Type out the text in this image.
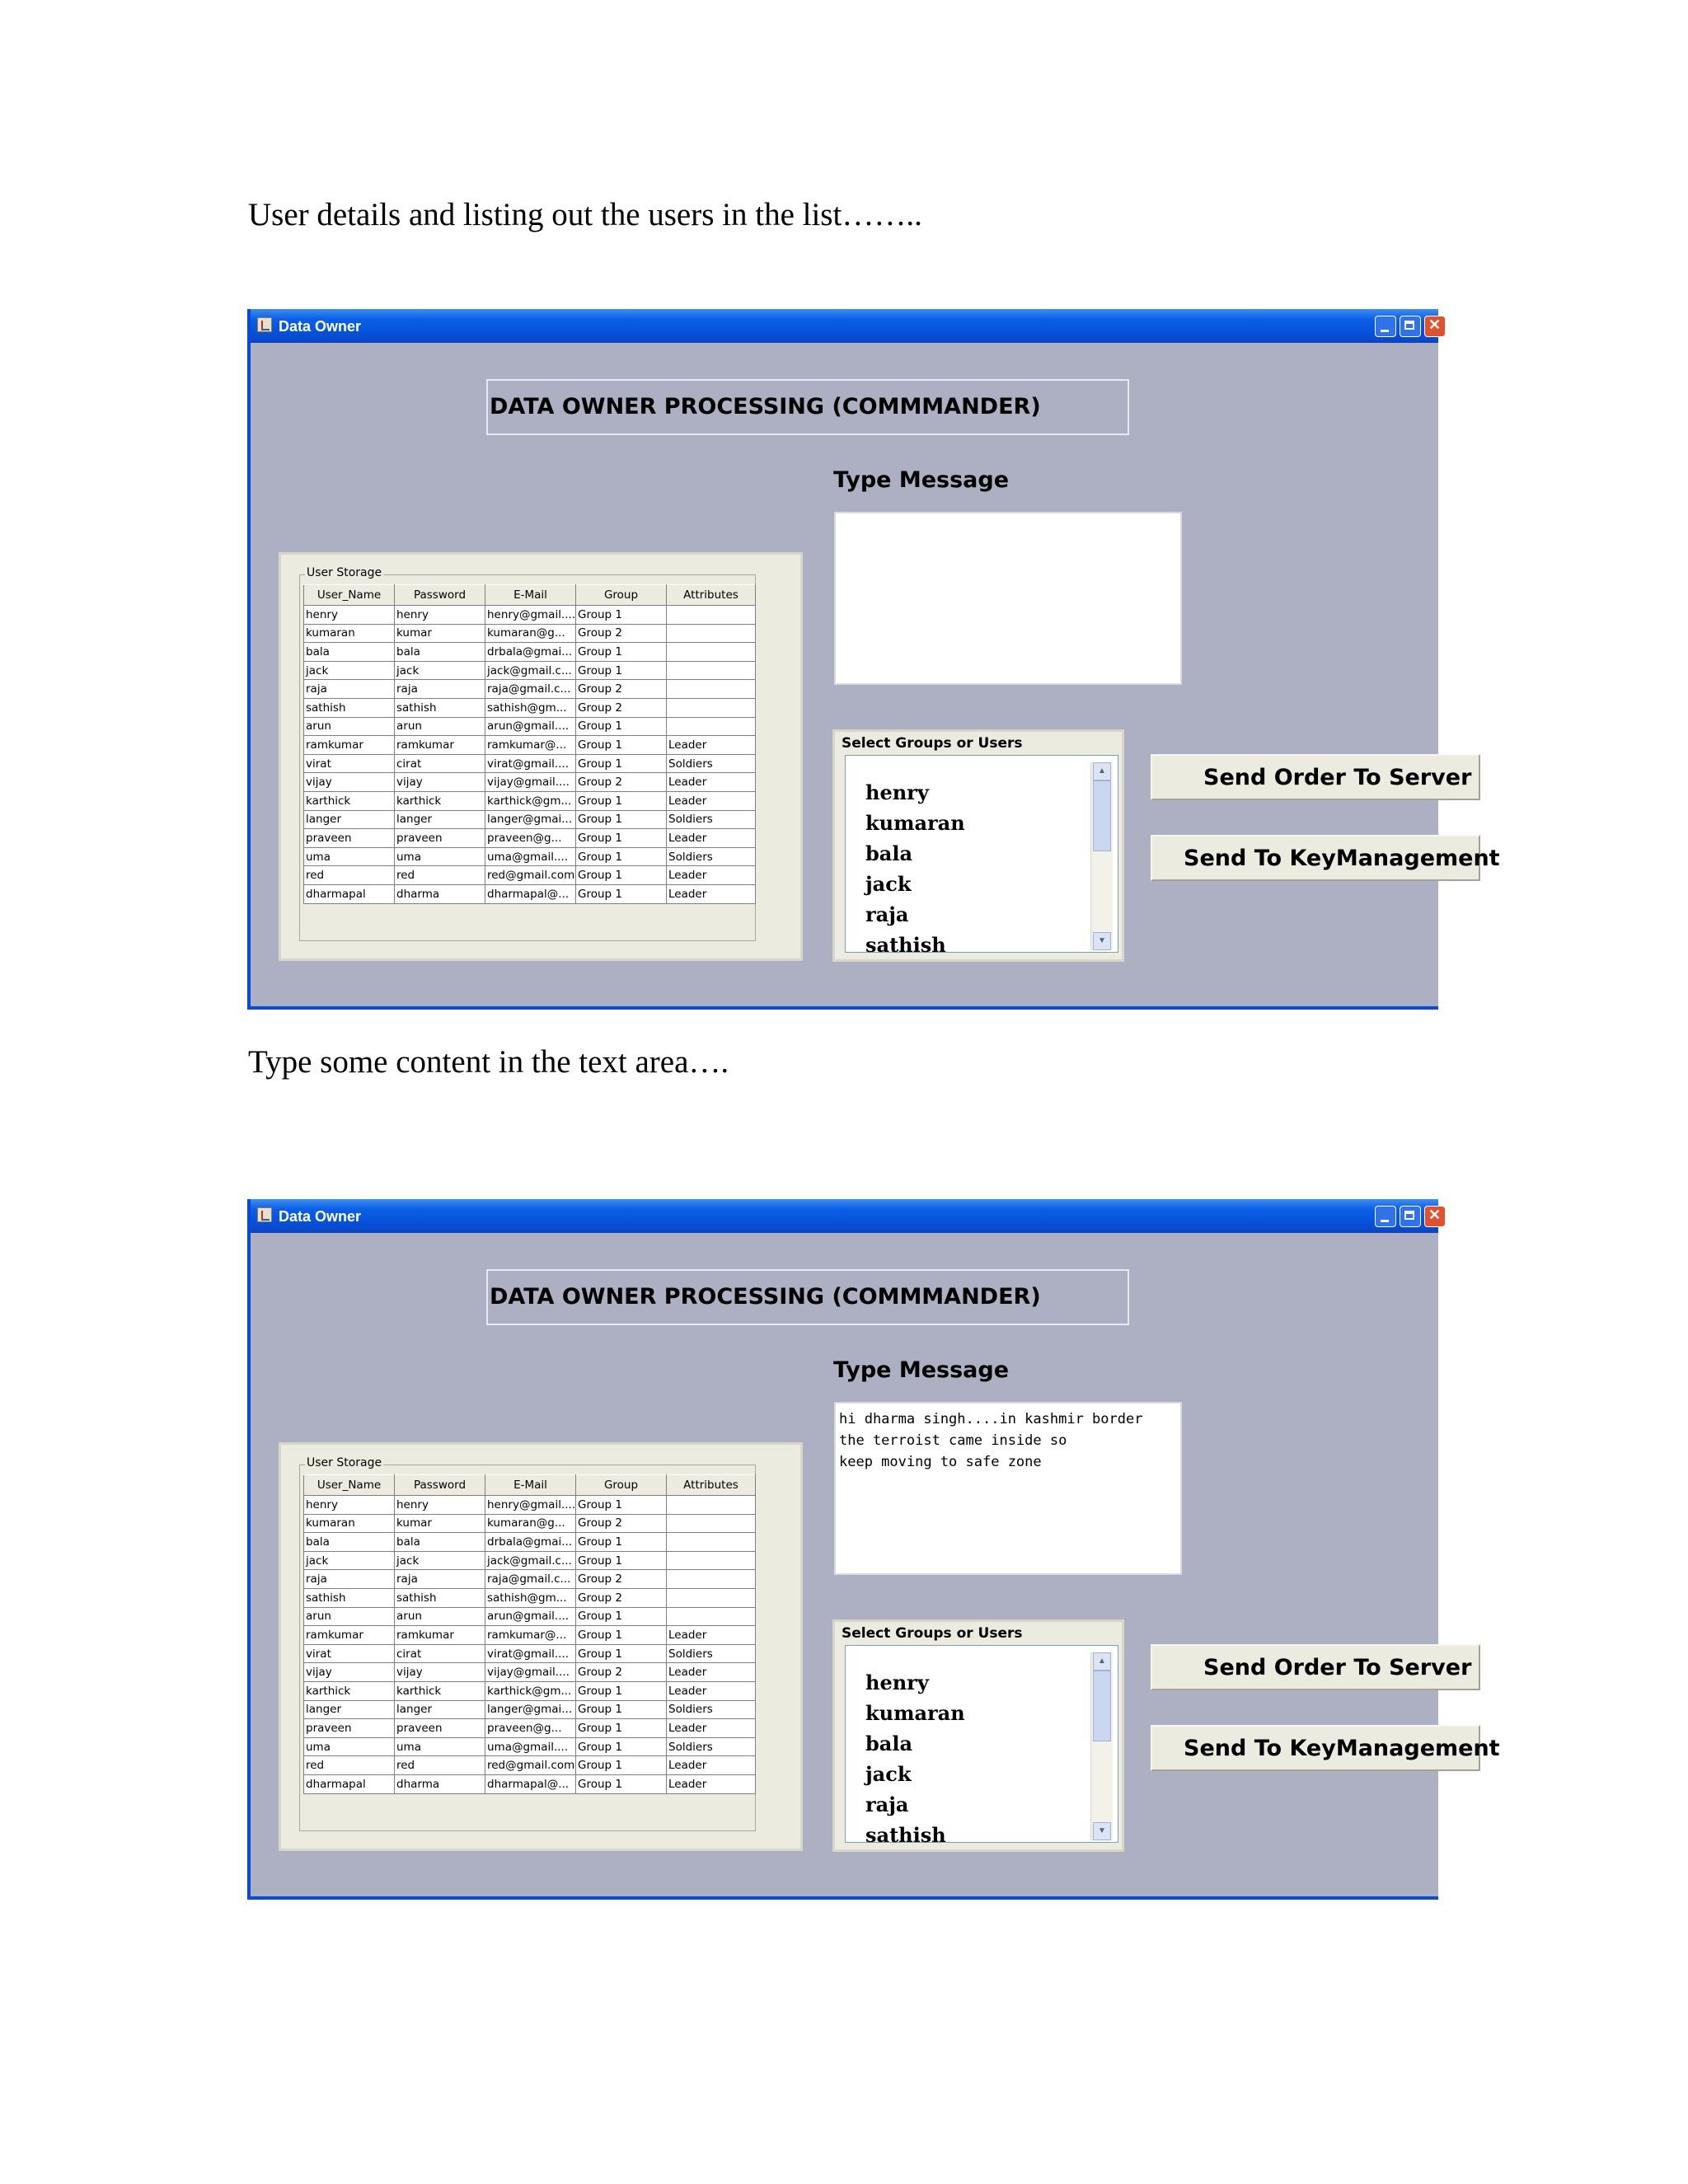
User details and listing out the users in the list……..
Data Owner
✕
DATA OWNER PROCESSING (COMMMANDER)
Type Message
User Storage
User_Name	Password	E-Mail	Group	Attributes
henry	henry	henry@gmail....	Group 1	
kumaran	kumar	kumaran@g...	Group 2	
bala	bala	drbala@gmai...	Group 1	
jack	jack	jack@gmail.c...	Group 1	
raja	raja	raja@gmail.c...	Group 2	
sathish	sathish	sathish@gm...	Group 2	
arun	arun	arun@gmail....	Group 1	
ramkumar	ramkumar	ramkumar@...	Group 1	Leader
virat	cirat	virat@gmail....	Group 1	Soldiers
vijay	vijay	vijay@gmail....	Group 2	Leader
karthick	karthick	karthick@gm...	Group 1	Leader
langer	langer	langer@gmai...	Group 1	Soldiers
praveen	praveen	praveen@g...	Group 1	Leader
uma	uma	uma@gmail....	Group 1	Soldiers
red	red	red@gmail.com	Group 1	Leader
dharmapal	dharma	dharmapal@...	Group 1	Leader
Select Groups or Users
henry
kumaran
bala
jack
raja
sathish
▲
▼
Send Order To Server
Send To KeyManagement
Type some content in the text area….
Data Owner
✕
DATA OWNER PROCESSING (COMMMANDER)
Type Message
hi dharma singh....in kashmir border the terroist came inside so keep moving to safe zone
User Storage
User_Name	Password	E-Mail	Group	Attributes
henry	henry	henry@gmail....	Group 1	
kumaran	kumar	kumaran@g...	Group 2	
bala	bala	drbala@gmai...	Group 1	
jack	jack	jack@gmail.c...	Group 1	
raja	raja	raja@gmail.c...	Group 2	
sathish	sathish	sathish@gm...	Group 2	
arun	arun	arun@gmail....	Group 1	
ramkumar	ramkumar	ramkumar@...	Group 1	Leader
virat	cirat	virat@gmail....	Group 1	Soldiers
vijay	vijay	vijay@gmail....	Group 2	Leader
karthick	karthick	karthick@gm...	Group 1	Leader
langer	langer	langer@gmai...	Group 1	Soldiers
praveen	praveen	praveen@g...	Group 1	Leader
uma	uma	uma@gmail....	Group 1	Soldiers
red	red	red@gmail.com	Group 1	Leader
dharmapal	dharma	dharmapal@...	Group 1	Leader
Select Groups or Users
henry
kumaran
bala
jack
raja
sathish
▲
▼
Send Order To Server
Send To KeyManagement
